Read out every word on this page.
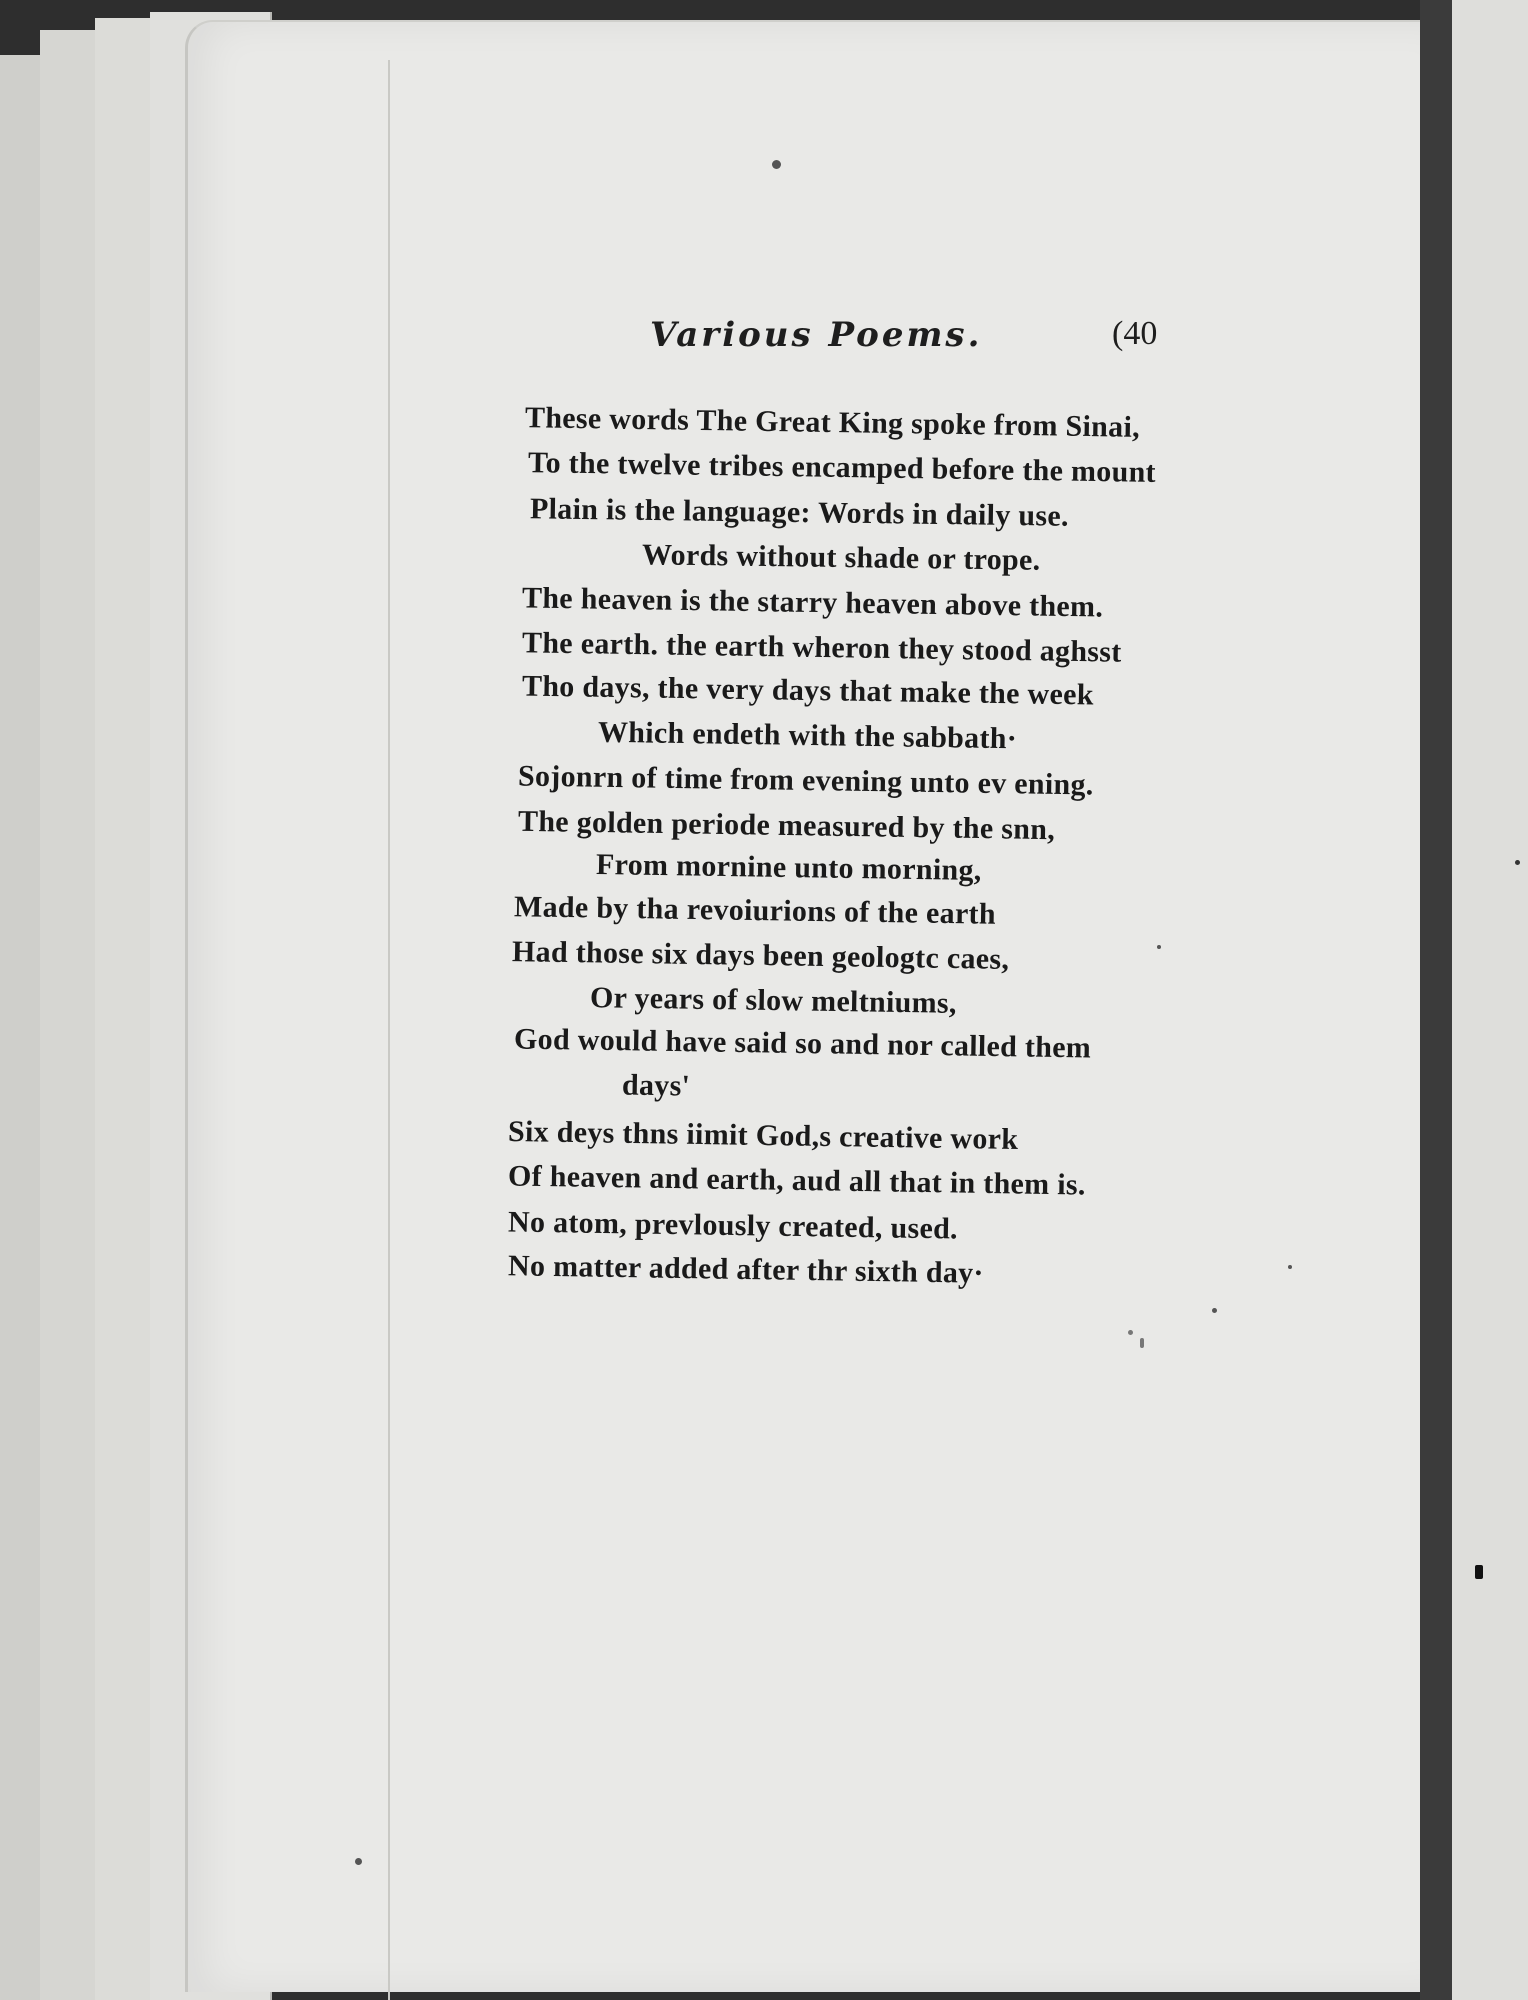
Various Poems.	(40
These words The Great King spoke from Sinai,
To the twelve tribes encamped before the mount
Plain is the language: Words in daily use.
Words without shade or trope.
The heaven is the starry heaven above them.
The earth. the earth wheron they stood aghsst
Tho days, the very days that make the week
Which endeth with the sabbath·
Sojonrn of time from evening unto ev ening.
The golden periode measured by the snn,
From mornine unto morning,
Made by tha revoiurions of the earth
Had those six days been geologtc caes,
Or years of slow meltniums,
God would have said so and nor called them
days'
Six deys thns iimit God,s creative work
Of heaven and earth, aud all that in them is.
No atom, prevlously created, used.
No matter added after thr sixth day·
